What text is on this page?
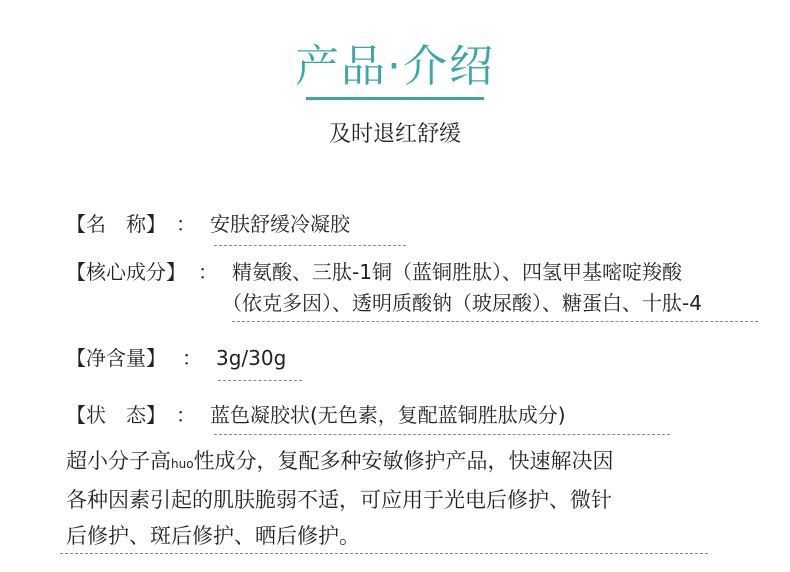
产品·介绍
及时退红舒缓
【名　称】 ： 安肤舒缓冷凝胶
【核心成分】 ： 精氨酸、三肽-1铜（蓝铜胜肽）、四氢甲基嘧啶羧酸
（依克多因）、透明质酸钠（玻尿酸）、糖蛋白、十肽-4
【净含量】 ： 3g/30g
【状　态】 ： 蓝色凝胶状(无色素，复配蓝铜胜肽成分)

超小分子高huo性成分，复配多种安敏修护产品，快速解决因

各种因素引起的肌肤脆弱不适，可应用于光电后修护、微针

后修护、斑后修护、晒后修护。
